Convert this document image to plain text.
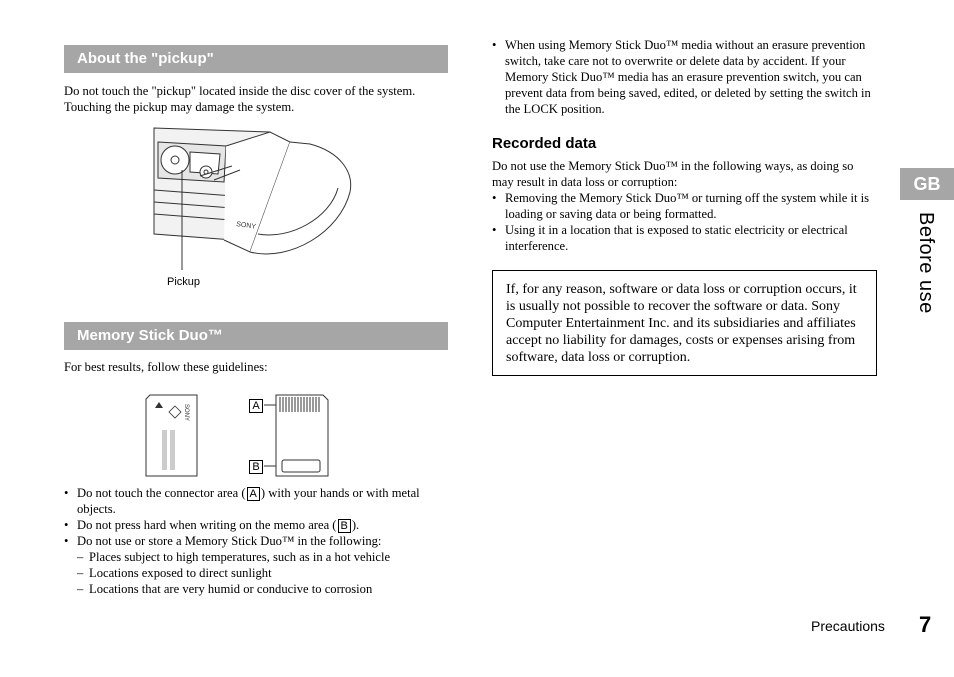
About the "pickup"
Do not touch the "pickup" located inside the disc cover of the system. Touching the pickup may damage the system.
SONY
Pickup
Memory Stick Duo™
For best results, follow these guidelines:
SONY	A
B
• Do not touch the connector area ( A ) with your hands or with metal objects.
• Do not press hard when writing on the memo area ( B ).
• Do not use or store a Memory Stick Duo™ in the following:
– Places subject to high temperatures, such as in a hot vehicle
– Locations exposed to direct sunlight
– Locations that are very humid or conducive to corrosion
• When using Memory Stick Duo™ media without an erasure prevention switch, take care not to overwrite or delete data by accident. If your Memory Stick Duo™ media has an erasure prevention switch, you can prevent data from being saved, edited, or deleted by setting the switch in the LOCK position.
Recorded data
Do not use the Memory Stick Duo™ in the following ways, as doing so may result in data loss or corruption:
• Removing the Memory Stick Duo™ or turning off the system while it is loading or saving data or being formatted.
• Using it in a location that is exposed to static electricity or electrical interference.
If, for any reason, software or data loss or corruption occurs, it is usually not possible to recover the software or data. Sony Computer Entertainment Inc. and its subsidiaries and affiliates accept no liability for damages, costs or expenses arising from software, data loss or corruption.
GB
Before use
Precautions 7
